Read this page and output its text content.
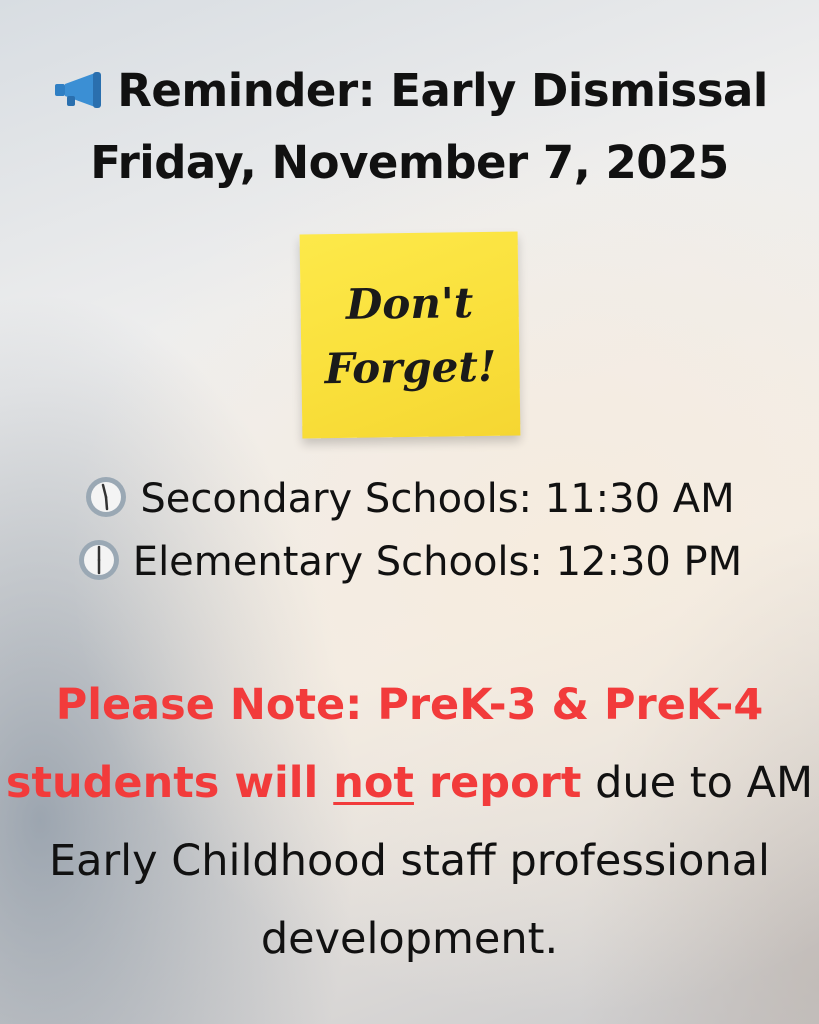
Reminder: Early Dismissal
Friday, November 7, 2025
Don't
Forget!
Secondary Schools: 11:30 AM
Elementary Schools: 12:30 PM
Please Note: PreK-3 & PreK-4 students will not report due to AM Early Childhood staff professional development.
